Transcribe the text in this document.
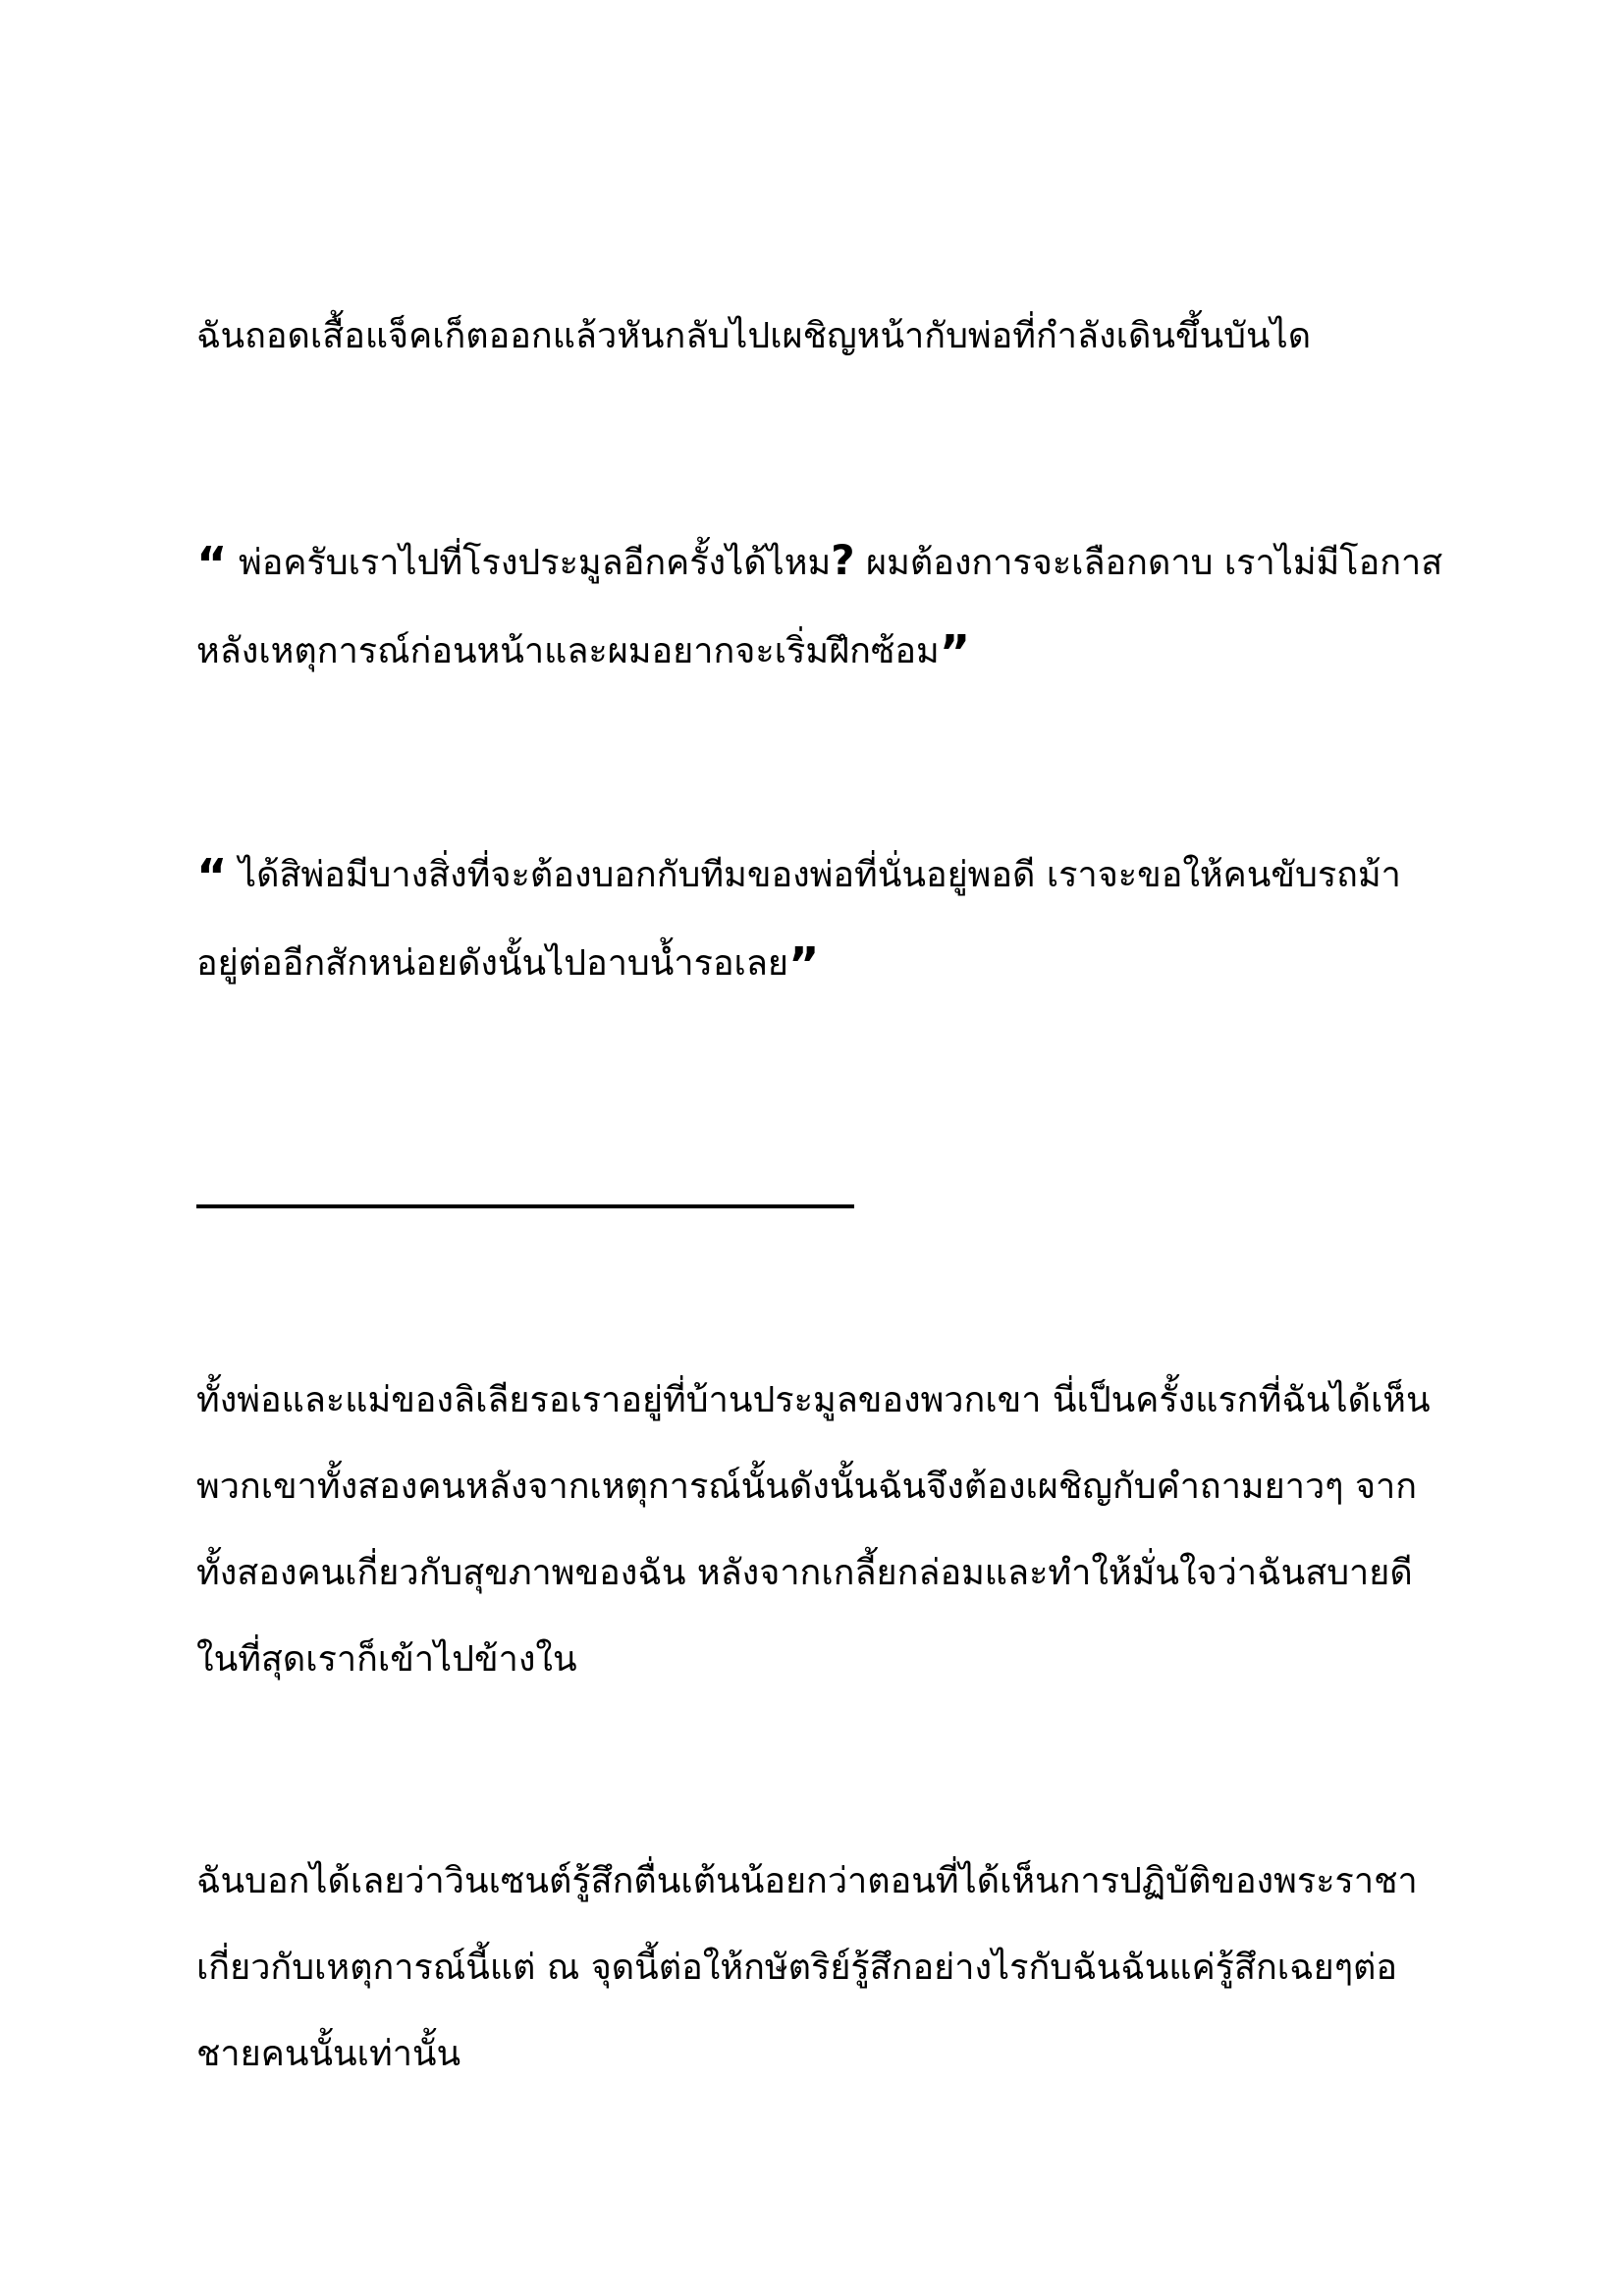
ฉันถอดเสื้อแจ็คเก็ตออกแล้วหันกลับไปเผชิญหน้ากับพ่อที่กำลังเดินขึ้นบันได
“ พ่อครับเราไปที่โรงประมูลอีกครั้งได้ไหม? ผมต้องการจะเลือกดาบ เราไม่มีโอกาส
หลังเหตุการณ์ก่อนหน้าและผมอยากจะเริ่มฝึกซ้อม”
“ ได้สิพ่อมีบางสิ่งที่จะต้องบอกกับทีมของพ่อที่นั่นอยู่พอดี เราจะขอให้คนขับรถม้า
อยู่ต่ออีกสักหน่อยดังนั้นไปอาบน้ำรอเลย”
ทั้งพ่อและแม่ของลิเลียรอเราอยู่ที่บ้านประมูลของพวกเขา นี่เป็นครั้งแรกที่ฉันได้เห็น
พวกเขาทั้งสองคนหลังจากเหตุการณ์นั้นดังนั้นฉันจึงต้องเผชิญกับคำถามยาวๆ จาก
ทั้งสองคนเกี่ยวกับสุขภาพของฉัน หลังจากเกลี้ยกล่อมและทำให้มั่นใจว่าฉันสบายดี
ในที่สุดเราก็เข้าไปข้างใน
ฉันบอกได้เลยว่าวินเซนต์รู้สึกตื่นเต้นน้อยกว่าตอนที่ได้เห็นการปฏิบัติของพระราชา
เกี่ยวกับเหตุการณ์นี้แต่ ณ จุดนี้ต่อให้กษัตริย์รู้สึกอย่างไรกับฉันฉันแค่รู้สึกเฉยๆต่อ
ชายคนนั้นเท่านั้น
